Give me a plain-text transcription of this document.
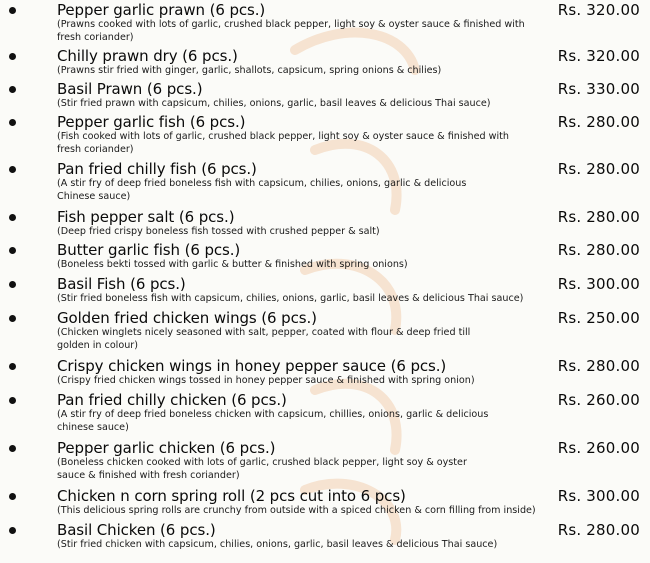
Pepper garlic prawn (6 pcs.)	Rs. 320.00
(Prawns cooked with lots of garlic, crushed black pepper, light soy & oyster sauce & finished with fresh coriander)
Chilly prawn dry (6 pcs.)	Rs. 320.00
(Prawns stir fried with ginger, garlic, shallots, capsicum, spring onions & chilies)
Basil Prawn (6 pcs.)	Rs. 330.00
(Stir fried prawn with capsicum, chilies, onions, garlic, basil leaves & delicious Thai sauce)
Pepper garlic fish (6 pcs.)	Rs. 280.00
(Fish cooked with lots of garlic, crushed black pepper, light soy & oyster sauce & finished with fresh coriander)
Pan fried chilly fish (6 pcs.)	Rs. 280.00
(A stir fry of deep fried boneless fish with capsicum, chilies, onions, garlic & delicious Chinese sauce)
Fish pepper salt (6 pcs.)	Rs. 280.00
(Deep fried crispy boneless fish tossed with crushed pepper & salt)
Butter garlic fish (6 pcs.)	Rs. 280.00
(Boneless bekti tossed with garlic & butter & finished with spring onions)
Basil Fish (6 pcs.)	Rs. 300.00
(Stir fried boneless fish with capsicum, chilies, onions, garlic, basil leaves & delicious Thai sauce)
Golden fried chicken wings (6 pcs.)	Rs. 250.00
(Chicken winglets nicely seasoned with salt, pepper, coated with flour & deep fried till golden in colour)
Crispy chicken wings in honey pepper sauce (6 pcs.)	Rs. 280.00
(Crispy fried chicken wings tossed in honey pepper sauce & finished with spring onion)
Pan fried chilly chicken (6 pcs.)	Rs. 260.00
(A stir fry of deep fried boneless chicken with capsicum, chillies, onions, garlic & delicious chinese sauce)
Pepper garlic chicken (6 pcs.)	Rs. 260.00
(Boneless chicken cooked with lots of garlic, crushed black pepper, light soy & oyster sauce & finished with fresh coriander)
Chicken n corn spring roll (2 pcs cut into 6 pcs)	Rs. 300.00
(This delicious spring rolls are crunchy from outside with a spiced chicken & corn filling from inside)
Basil Chicken (6 pcs.)	Rs. 280.00
(Stir fried chicken with capsicum, chilies, onions, garlic, basil leaves & delicious Thai sauce)
